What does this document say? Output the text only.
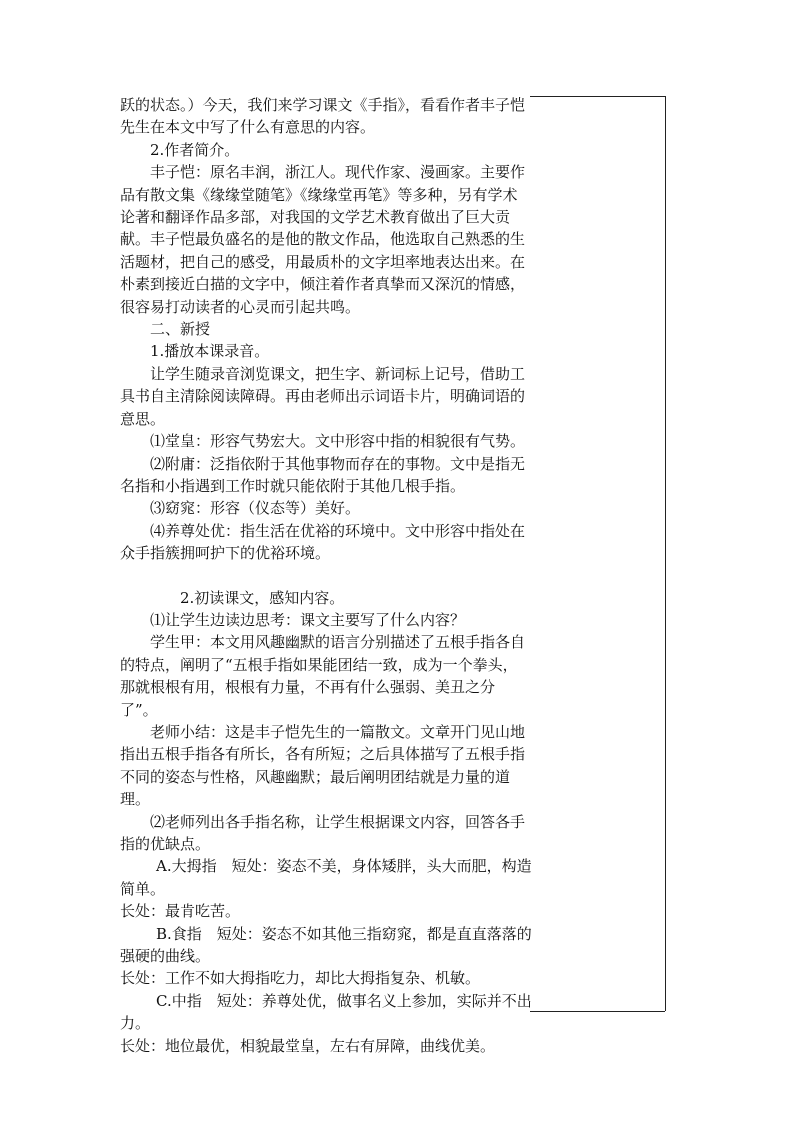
跃的状态。）今天，我们来学习课文《手指》，看看作者丰子恺先生在本文中写了什么有意思的内容。

2.作者简介。

丰子恺：原名丰润，浙江人。现代作家、漫画家。主要作品有散文集《缘缘堂随笔》《缘缘堂再笔》等多种，另有学术论著和翻译作品多部，对我国的文学艺术教育做出了巨大贡献。丰子恺最负盛名的是他的散文作品，他选取自己熟悉的生活题材，把自己的感受，用最质朴的文字坦率地表达出来。在朴素到接近白描的文字中，倾注着作者真挚而又深沉的情感，很容易打动读者的心灵而引起共鸣。

二、新授

1.播放本课录音。

让学生随录音浏览课文，把生字、新词标上记号，借助工具书自主清除阅读障碍。再由老师出示词语卡片，明确词语的意思。

⑴堂皇：形容气势宏大。文中形容中指的相貌很有气势。

⑵附庸：泛指依附于其他事物而存在的事物。文中是指无名指和小指遇到工作时就只能依附于其他几根手指。

⑶窈窕：形容（仪态等）美好。

⑷养尊处优：指生活在优裕的环境中。文中形容中指处在众手指簇拥呵护下的优裕环境。

2.初读课文，感知内容。

⑴让学生边读边思考：课文主要写了什么内容？

学生甲：本文用风趣幽默的语言分别描述了五根手指各自的特点，阐明了“五根手指如果能团结一致，成为一个拳头，那就根根有用，根根有力量，不再有什么强弱、美丑之分了”。

老师小结：这是丰子恺先生的一篇散文。文章开门见山地指出五根手指各有所长，各有所短；之后具体描写了五根手指不同的姿态与性格，风趣幽默；最后阐明团结就是力量的道理。

⑵老师列出各手指名称，让学生根据课文内容，回答各手指的优缺点。

A.大拇指　短处：姿态不美，身体矮胖，头大而肥，构造简单。

长处：最肯吃苦。

B.食指　短处：姿态不如其他三指窈窕，都是直直落落的强硬的曲线。

长处：工作不如大拇指吃力，却比大拇指复杂、机敏。

C.中指　短处：养尊处优，做事名义上参加，实际并不出力。

长处：地位最优，相貌最堂皇，左右有屏障，曲线优美。
